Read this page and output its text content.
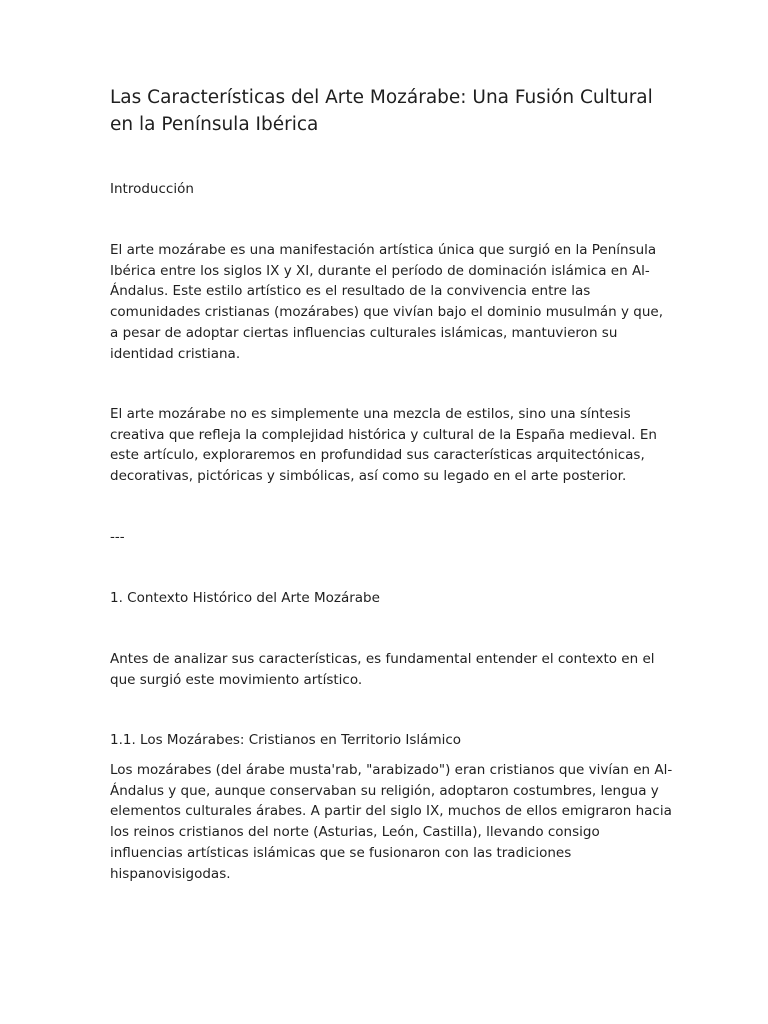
Las Características del Arte Mozárabe: Una Fusión Cultural
en la Península Ibérica

Introducción

El arte mozárabe es una manifestación artística única que surgió en la Península
Ibérica entre los siglos IX y XI, durante el período de dominación islámica en Al-
Ándalus. Este estilo artístico es el resultado de la convivencia entre las
comunidades cristianas (mozárabes) que vivían bajo el dominio musulmán y que,
a pesar de adoptar ciertas influencias culturales islámicas, mantuvieron su
identidad cristiana.

El arte mozárabe no es simplemente una mezcla de estilos, sino una síntesis
creativa que refleja la complejidad histórica y cultural de la España medieval. En
este artículo, exploraremos en profundidad sus características arquitectónicas,
decorativas, pictóricas y simbólicas, así como su legado en el arte posterior.

---

1. Contexto Histórico del Arte Mozárabe

Antes de analizar sus características, es fundamental entender el contexto en el
que surgió este movimiento artístico.

1.1. Los Mozárabes: Cristianos en Territorio Islámico

Los mozárabes (del árabe musta'rab, "arabizado") eran cristianos que vivían en Al-
Ándalus y que, aunque conservaban su religión, adoptaron costumbres, lengua y
elementos culturales árabes. A partir del siglo IX, muchos de ellos emigraron hacia
los reinos cristianos del norte (Asturias, León, Castilla), llevando consigo
influencias artísticas islámicas que se fusionaron con las tradiciones
hispanovisigodas.
